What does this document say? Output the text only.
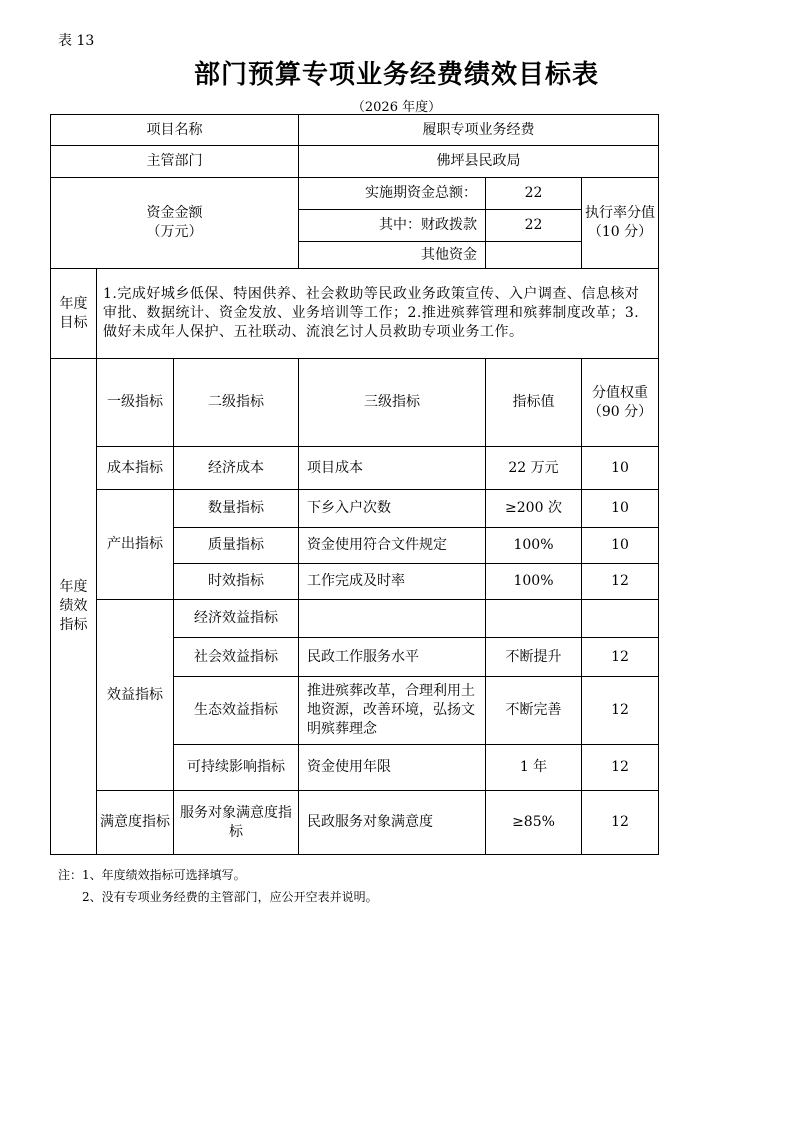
表 13
部门预算专项业务经费绩效目标表
（2026 年度）
项目名称			履职专项业务经费		
主管部门			佛坪县民政局		

资金金额
（万元）			实施期资金总额：	22	执行率分值（10 分）
			其中：财政拨款	22	
			其他资金		
年度目标	1.完成好城乡低保、特困供养、社会救助等民政业务政策宣传、入户调查、信息核对审批、数据统计、资金发放、业务培训等工作；2.推进殡葬管理和殡葬制度改革；3.做好未成年人保护、五社联动、流浪乞讨人员救助专项业务工作。				
年度绩效指标	一级指标	二级指标	三级指标	指标值	分值权重（90 分）
	成本指标	经济成本	项目成本	22 万元	10
	产出指标	数量指标	下乡入户次数	≥200 次	10
		质量指标	资金使用符合文件规定	100%	10
		时效指标	工作完成及时率	100%	12
	效益指标	经济效益指标			
		社会效益指标	民政工作服务水平	不断提升	12
		生态效益指标	推进殡葬改革，合理利用土地资源，改善环境，弘扬文明殡葬理念	不断完善	12
		可持续影响指标	资金使用年限	1 年	12
	满意度指标	服务对象满意度指标	民政服务对象满意度	≥85%	12
注：1、年度绩效指标可选择填写。
2、没有专项业务经费的主管部门，应公开空表并说明。
